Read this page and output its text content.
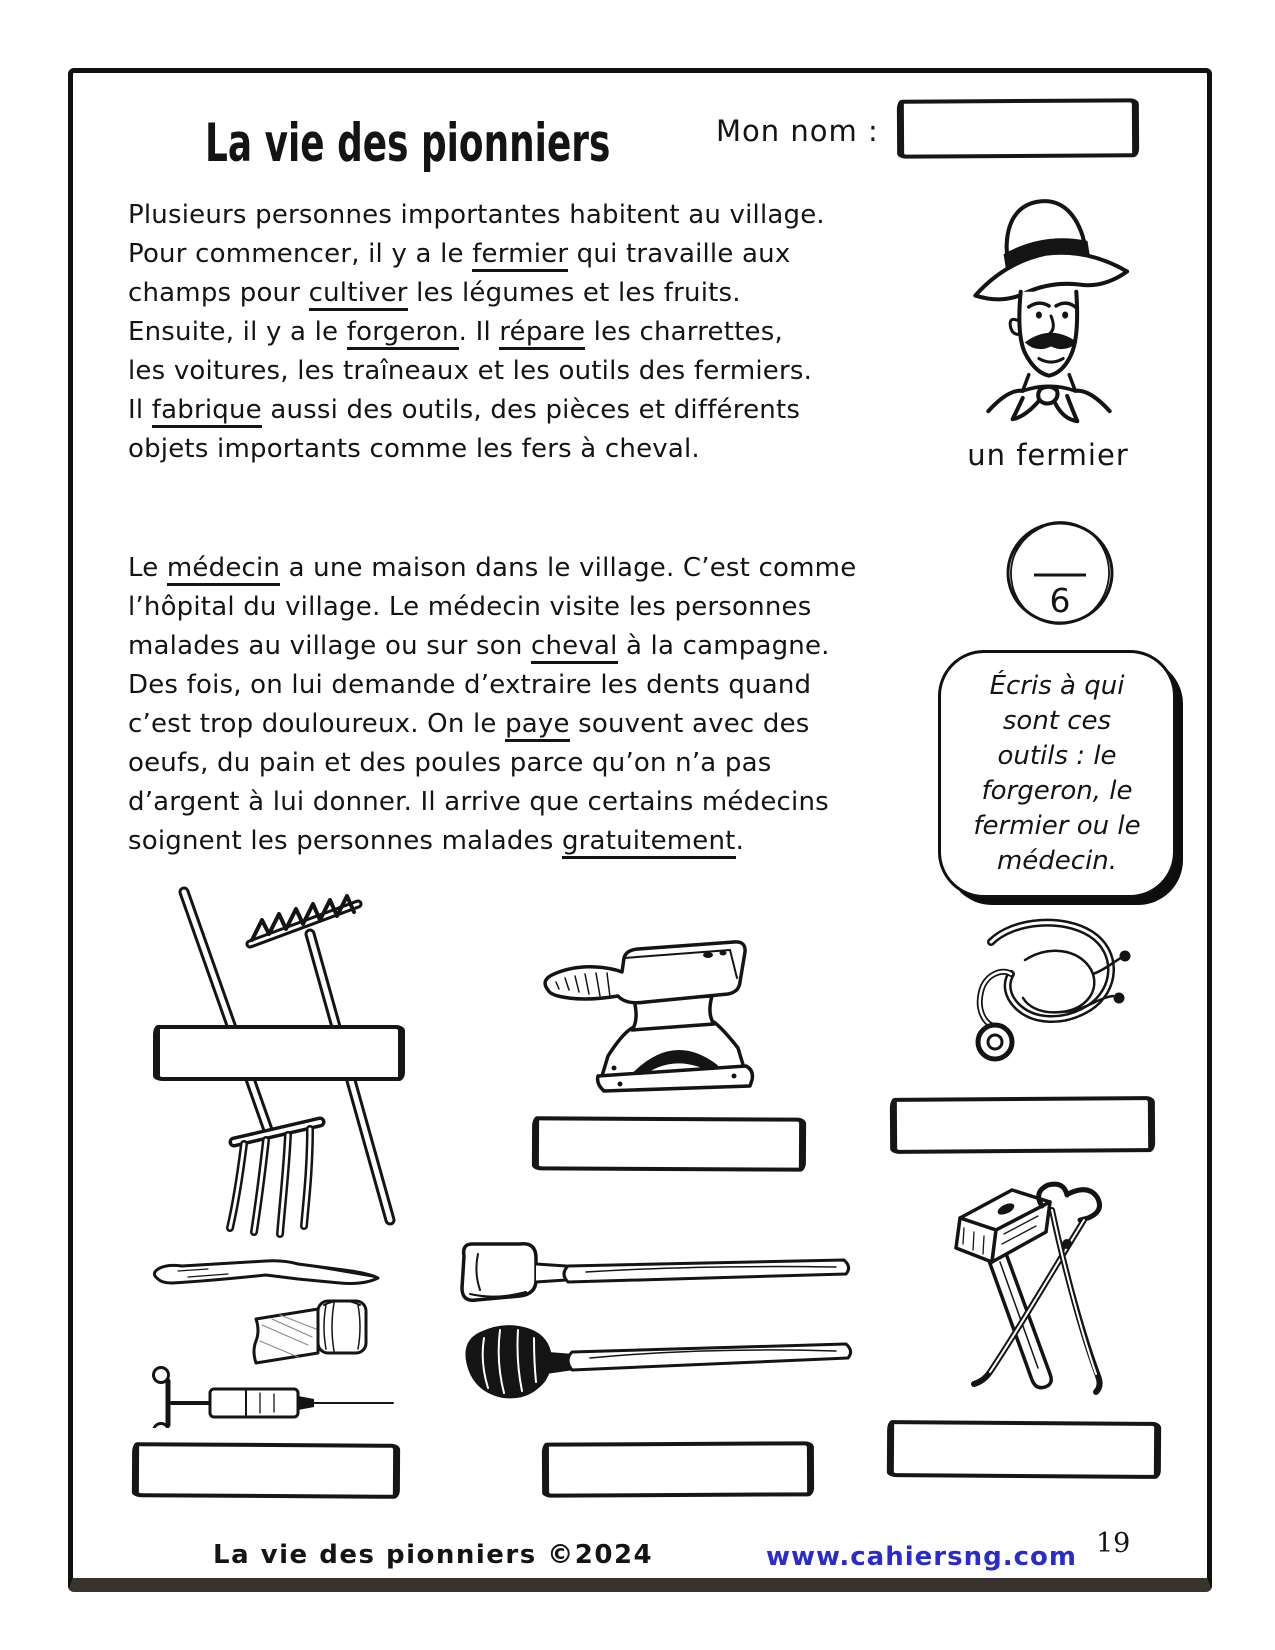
La vie des pionniers	Mon nom :
Plusieurs personnes importantes habitent au village.
Pour commencer, il y a le fermier qui travaille aux
champs pour cultiver les légumes et les fruits.
Ensuite, il y a le forgeron. Il répare les charrettes,
les voitures, les traîneaux et les outils des fermiers.
Il fabrique aussi des outils, des pièces et différents
objets importants comme les fers à cheval.	un fermier
6
Écris à qui
sont ces
outils : le
forgeron, le
fermier ou le
médecin.
Le médecin a une maison dans le village. C’est comme
l’hôpital du village. Le médecin visite les personnes
malades au village ou sur son cheval à la campagne.
Des fois, on lui demande d’extraire les dents quand
c’est trop douloureux. On le paye souvent avec des
oeufs, du pain et des poules parce qu’on n’a pas
d’argent à lui donner. Il arrive que certains médecins
soignent les personnes malades gratuitement.
La vie des pionniers ©2024	www.cahiersng.com 19
